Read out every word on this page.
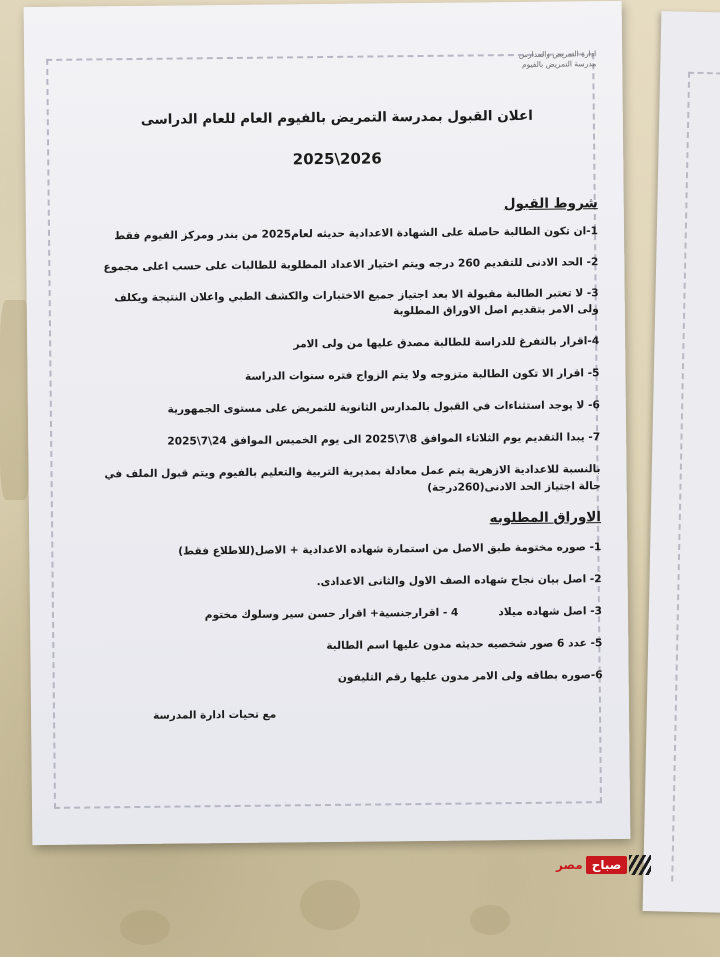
ادارة التمريض والمدارس
مدرسة التمريض بالفيوم
اعلان القبول بمدرسة التمريض بالفيوم العام للعام الدراسى
2026\2025
شروط القبول
1-ان تكون الطالبة حاصلة على الشهادة الاعدادية حديثه لعام2025 من بندر ومركز الفيوم فقط
2- الحد الادنى للتقديم 260 درجه ويتم اختيار الاعداد المطلوبة للطالبات على حسب اعلى مجموع
3- لا تعتبر الطالبة مقبولة الا بعد اجتياز جميع الاختبارات والكشف الطبي واعلان النتيجة ويكلف ولى الامر بتقديم اصل الاوراق المطلوبة
4-اقرار بالتفرغ للدراسة للطالبة مصدق عليها من ولى الامر
5- اقرار الا تكون الطالبة متزوجه ولا يتم الزواج فتره سنوات الدراسة
6- لا يوجد استثناءات في القبول بالمدارس الثانوية للتمريض على مستوى الجمهورية
7- يبدا التقديم يوم الثلاثاء الموافق 8\7\2025 الى يوم الخميس الموافق 24\7\2025
بالنسبة للاعدادية الازهرية يتم عمل معادلة بمديرية التربية والتعليم بالفيوم ويتم قبول الملف في حالة اجتياز الحد الادنى(260درجة)
الاوراق المطلوبه
1- صوره مختومة طبق الاصل من استمارة شهاده الاعدادية + الاصل(للاطلاع فقط)
2- اصل بيان نجاح شهاده الصف الاول والثانى الاعدادى.
3- اصل شهاده ميلاد
4 - اقرارجنسية+ اقرار حسن سير وسلوك مختوم
5- عدد 6 صور شخصيه حديثه مدون عليها اسم الطالبة
6-صوره بطاقه ولى الامر مدون عليها رقم التليفون
مع تحيات ادارة المدرسة
مصر صباح
